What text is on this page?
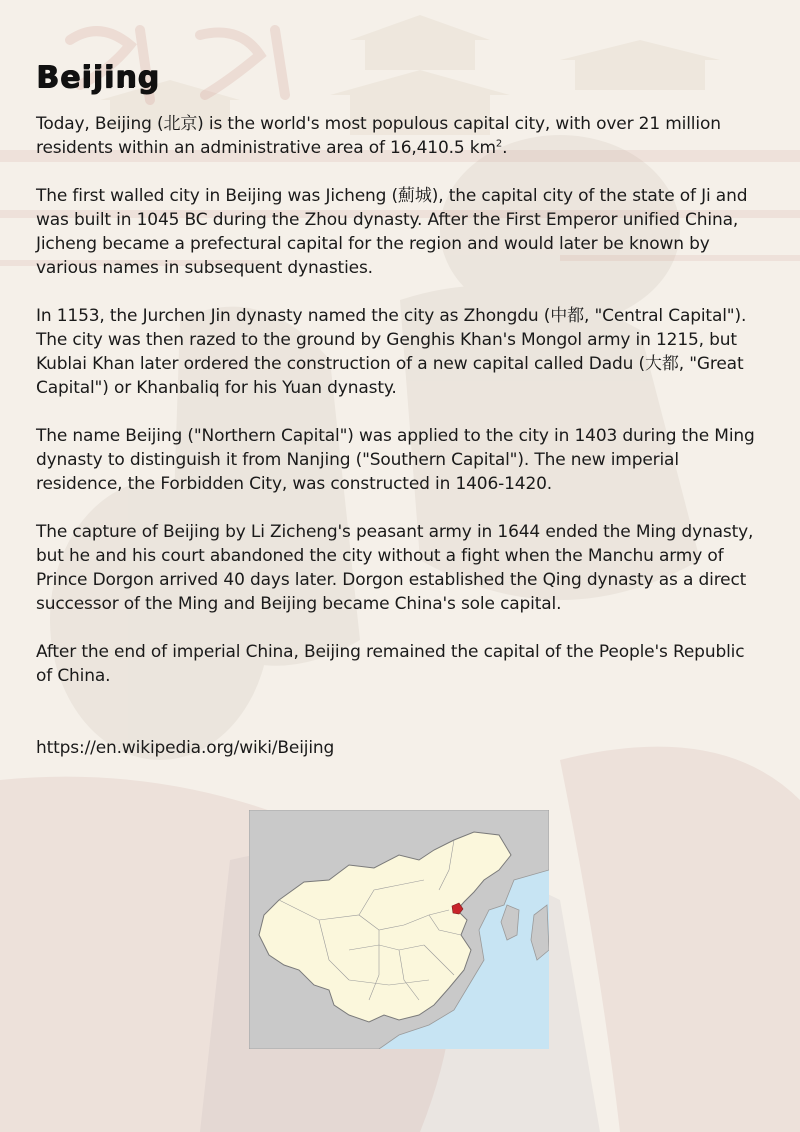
Beijing

Today, Beijing (北京) is the world's most populous capital city, with over 21 million residents within an administrative area of 16,410.5 $km^2$.

The first walled city in Beijing was Jicheng (薊城), the capital city of the state of Ji and was built in 1045 BC during the Zhou dynasty. After the First Emperor unified China, Jicheng became a prefectural capital for the region and would later be known by various names in subsequent dynasties.

In 1153, the Jurchen Jin dynasty named the city as Zhongdu (中都, "Central Capital"). The city was then razed to the ground by Genghis Khan's Mongol army in 1215, but Kublai Khan later ordered the construction of a new capital called Dadu (大都, "Great Capital") or Khanbaliq for his Yuan dynasty.

The name Beijing ("Northern Capital") was applied to the city in 1403 during the Ming dynasty to distinguish it from Nanjing ("Southern Capital"). The new imperial residence, the Forbidden City, was constructed in 1406-1420.

The capture of Beijing by Li Zicheng's peasant army in 1644 ended the Ming dynasty, but he and his court abandoned the city without a fight when the Manchu army of Prince Dorgon arrived 40 days later. Dorgon established the Qing dynasty as a direct successor of the Ming and Beijing became China's sole capital.

After the end of imperial China, Beijing remained the capital of the People's Republic of China.

https://en.wikipedia.org/wiki/Beijing
